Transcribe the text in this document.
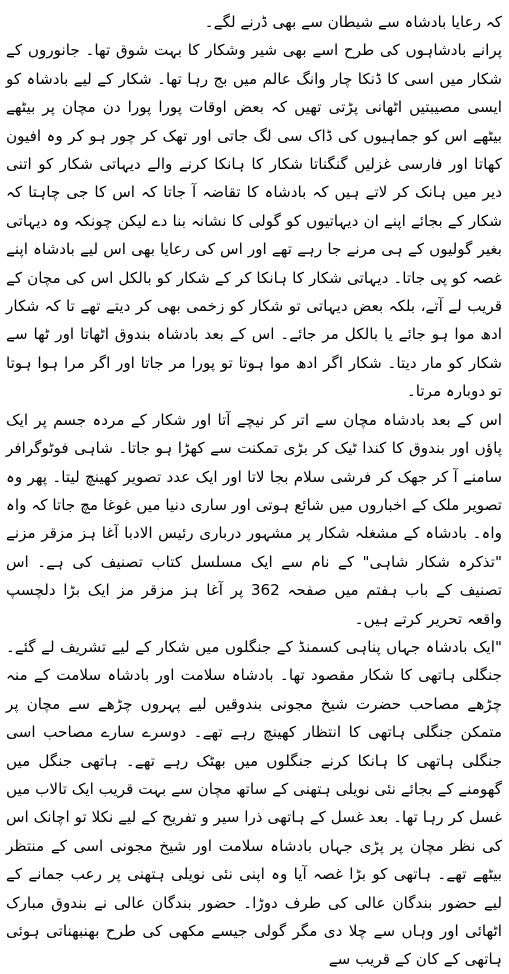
کہ رعایا بادشاہ سے شیطان سے بھی ڈرنے لگے۔

پرانے بادشاہوں کی طرح اسے بھی شیر وشکار کا بہت شوق تھا۔ جانوروں کے شکار میں اسی کا ڈنکا چار وانگ عالم میں بج رہا تھا۔ شکار کے لیے بادشاہ کو ایسی مصیبتیں اٹھانی پڑتی تھیں کہ بعض اوقات پورا پورا دن مچان پر بیٹھے بیٹھے اس کو جماہیوں کی ڈاک سی لگ جاتی اور تھک کر چور ہو کر وہ افیون کھاتا اور فارسی غزلیں گنگناتا شکار کا ہانکا کرنے والے دیہاتی شکار کو اتنی دیر میں ہانک کر لاتے ہیں کہ بادشاہ کا تقاضہ آ جاتا کہ اس کا جی چاہتا کہ شکار کے بجائے اپنے ان دیہاتیوں کو گولی کا نشانہ بنا دے لیکن چونکہ وہ دیہاتی بغیر گولیوں کے ہی مرنے جا رہے تھے اور اس کی رعایا بھی اس لیے بادشاہ اپنے غصہ کو پی جاتا۔ دیہاتی شکار کا ہانکا کر کے شکار کو بالکل اس کی مچان کے قریب لے آتے، بلکہ بعض دیہاتی تو شکار کو زخمی بھی کر دیتے تھے تا کہ شکار ادھ موا ہو جائے یا بالکل مر جائے۔ اس کے بعد بادشاہ بندوق اٹھاتا اور ٹھا سے شکار کو مار دیتا۔ شکار اگر ادھ موا ہوتا تو پورا مر جاتا اور اگر مرا ہوا ہوتا تو دوبارہ مرتا۔

اس کے بعد بادشاہ مچان سے اتر کر نیچے آتا اور شکار کے مردہ جسم پر ایک پاؤں اور بندوق کا کندا ٹیک کر بڑی تمکنت سے کھڑا ہو جاتا۔ شاہی فوٹوگرافر سامنے آ کر جھک کر فرشی سلام بجا لاتا اور ایک عدد تصویر کھینچ لیتا۔ پھر وہ تصویر ملک کے اخباروں میں شائع ہوتی اور ساری دنیا میں غوغا مچ جاتا کہ واہ واہ۔ بادشاہ کے مشغلہ شکار پر مشہور درباری رئیس الادبا آغا ہز مزقر مزنے "تذکرہ شکار شاہی" کے نام سے ایک مسلسل کتاب تصنیف کی ہے۔ اس تصنیف کے باب ہفتم میں صفحہ 362 پر آغا ہز مزقر مز ایک بڑا دلچسپ واقعہ تحریر کرتے ہیں۔

"ایک بادشاہ جہاں پناہی کسمنڈ کے جنگلوں میں شکار کے لیے تشریف لے گئے۔ جنگلی ہاتھی کا شکار مقصود تھا۔ بادشاہ سلامت اور بادشاہ سلامت کے منہ چڑھے مصاحب حضرت شیخ مجونی بندوقیں لیے پہروں چڑھے سے مچان پر متمکن جنگلی ہاتھی کا انتظار کھینچ رہے تھے۔ دوسرے سارے مصاحب اسی جنگلی ہاتھی کا ہانکا کرنے جنگلوں میں بھٹک رہے تھے۔ ہاتھی جنگل میں گھومنے کے بجائے نئی نویلی ہتھنی کے ساتھ مچان سے بہت قریب ایک تالاب میں غسل کر رہا تھا۔ بعد غسل کے ہاتھی ذرا سیر و تفریح کے لیے نکلا تو اچانک اس کی نظر مچان پر پڑی جہاں بادشاہ سلامت اور شیخ مجونی اسی کے منتظر بیٹھے تھے۔ ہاتھی کو بڑا غصہ آیا وہ اپنی نئی نویلی ہتھنی پر رعب جمانے کے لیے حضور بندگان عالی کی طرف دوڑا۔ حضور بندگان عالی نے بندوق مبارک اٹھائی اور وہاں سے چلا دی مگر گولی جیسے مکھی کی طرح بھنبھناتی ہوئی ہاتھی کے کان کے قریب سے
